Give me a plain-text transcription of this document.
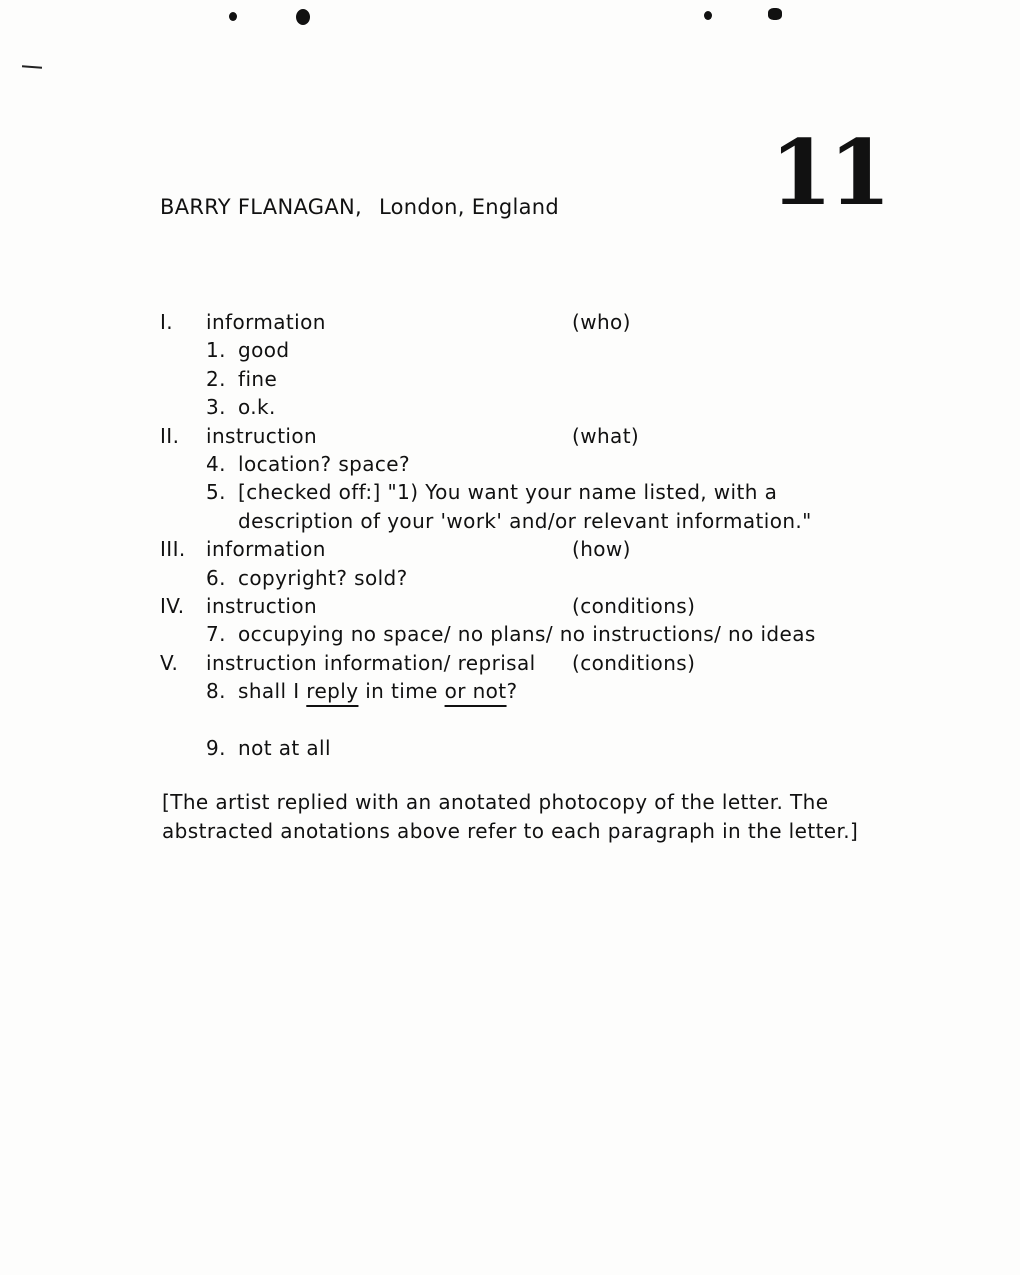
BARRY FLANAGAN, London, England 11
I. information	(who)
1. good
2. fine
3. o.k.
II. instruction	(what)
4. location? space?
5. [checked off:] "1) You want your name listed, with a
description of your 'work' and/or relevant information."
III. information	(how)
6. copyright? sold?
IV. instruction	(conditions)
7. occupying no space/ no plans/ no instructions/ no ideas
V. instruction information/ reprisal (conditions)
8. shall I reply in time or not?
9. not at all
[The artist replied with an anotated photocopy of the letter. The
abstracted anotations above refer to each paragraph in the letter.]
